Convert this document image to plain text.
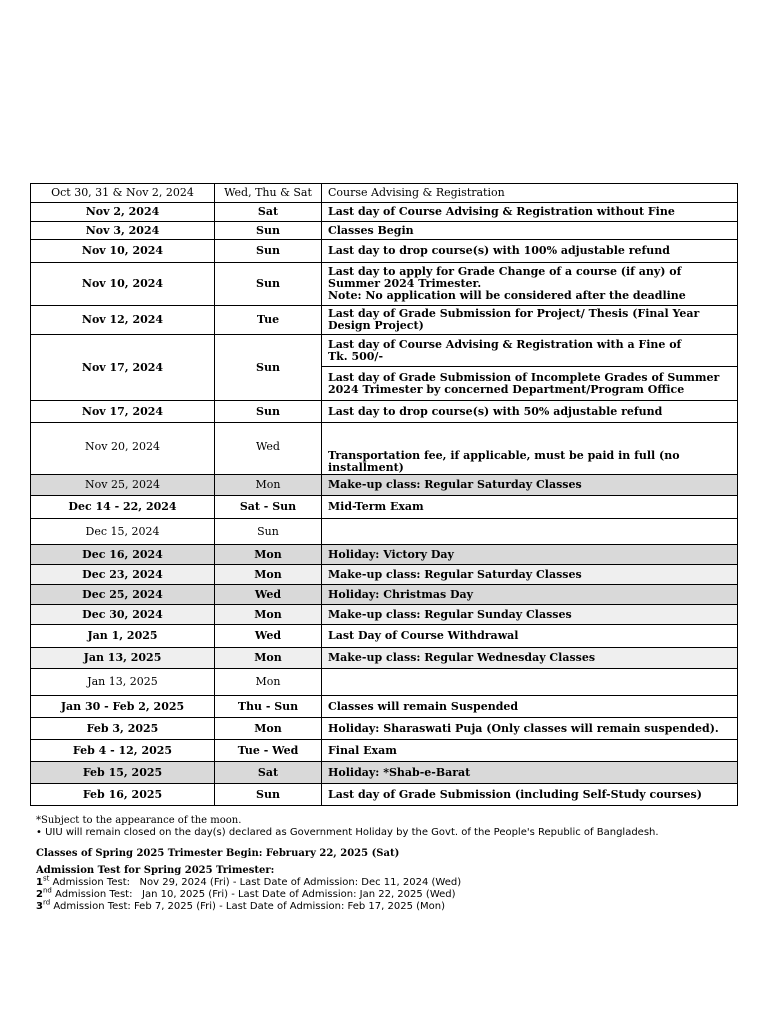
Oct 30, 31 & Nov 2, 2024	Wed, Thu & Sat	Course Advising & Registration
Nov 2, 2024	Sat	Last day of Course Advising & Registration without Fine
Nov 3, 2024	Sun	Classes Begin
Nov 10, 2024	Sun	Last day to drop course(s) with 100% adjustable refund
Nov 10, 2024	Sun	Last day to apply for Grade Change of a course (if any) of Summer 2024 Trimester.
Note: No application will be considered after the deadline

Nov 12, 2024	Tue	Last day of Grade Submission for Project/ Thesis (Final Year Design Project)
Nov 17, 2024	Sun	Last day of Course Advising & Registration with a Fine of Tk. 500/-
		Last day of Grade Submission of Incomplete Grades of Summer 2024 Trimester by concerned Department/Program Office
Nov 17, 2024	Sun	Last day to drop course(s) with 50% adjustable refund
Nov 20, 2024	Wed	Transportation fee, if applicable, must be paid in full (no installment)
Nov 25, 2024	Mon	Make-up class: Regular Saturday Classes
Dec 14 - 22, 2024	Sat - Sun	Mid-Term Exam
Dec 15, 2024	Sun	
Dec 16, 2024	Mon	Holiday: Victory Day
Dec 23, 2024	Mon	Make-up class: Regular Saturday Classes
Dec 25, 2024	Wed	Holiday: Christmas Day
Dec 30, 2024	Mon	Make-up class: Regular Sunday Classes
Jan 1, 2025	Wed	Last Day of Course Withdrawal
Jan 13, 2025	Mon	Make-up class: Regular Wednesday Classes
Jan 13, 2025	Mon	
Jan 30 - Feb 2, 2025	Thu - Sun	Classes will remain Suspended
Feb 3, 2025	Mon	Holiday: Sharaswati Puja (Only classes will remain suspended).
Feb 4 - 12, 2025	Tue - Wed	Final Exam
Feb 15, 2025	Sat	Holiday: *Shab-e-Barat
Feb 16, 2025	Sun	Last day of Grade Submission (including Self-Study courses)

*Subject to the appearance of the moon.

• UIU will remain closed on the day(s) declared as Government Holiday by the Govt. of the People's Republic of Bangladesh.

Classes of Spring 2025 Trimester Begin: February 22, 2025 (Sat)

Admission Test for Spring 2025 Trimester:

1st Admission Test:   Nov 29, 2024 (Fri) - Last Date of Admission: Dec 11, 2024 (Wed)

2nd Admission Test:   Jan 10, 2025 (Fri) - Last Date of Admission: Jan 22, 2025 (Wed)

3rd Admission Test: Feb 7, 2025 (Fri) - Last Date of Admission: Feb 17, 2025 (Mon)
